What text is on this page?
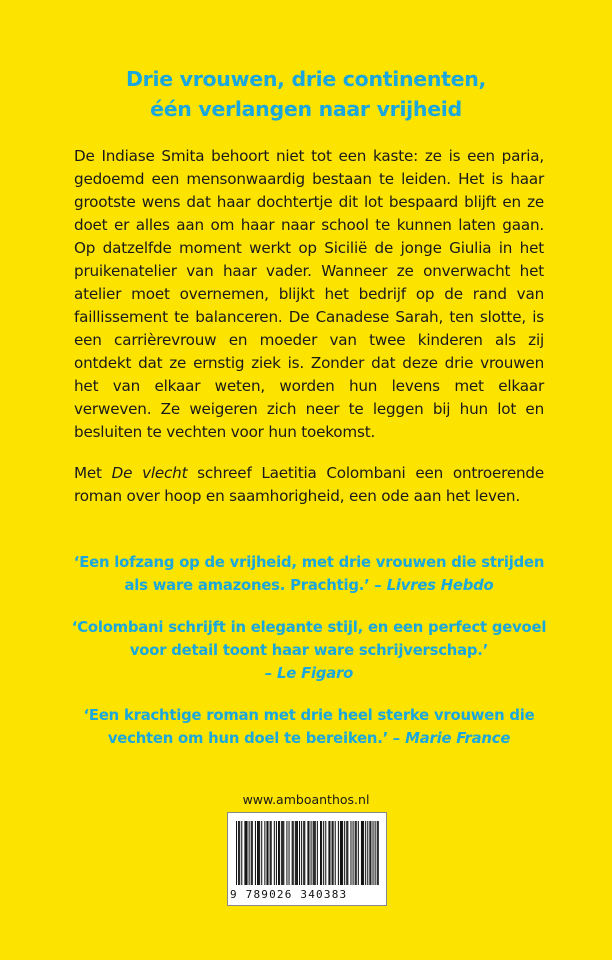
Drie vrouwen, drie continenten,
één verlangen naar vrijheid

De Indiase Smita behoort niet tot een kaste: ze is een paria, gedoemd een mensonwaardig bestaan te leiden. Het is haar grootste wens dat haar dochtertje dit lot bespaard blijft en ze doet er alles aan om haar naar school te kunnen laten gaan. Op datzelfde moment werkt op Sicilië de jonge Giulia in het pruikenatelier van haar vader. Wanneer ze onverwacht het atelier moet overnemen, blijkt het bedrijf op de rand van faillissement te balanceren. De Canadese Sarah, ten slotte, is een carrièrevrouw en moeder van twee kinderen als zij ontdekt dat ze ernstig ziek is. Zonder dat deze drie vrouwen het van elkaar weten, worden hun levens met elkaar verweven. Ze weigeren zich neer te leggen bij hun lot en besluiten te vechten voor hun toekomst.

Met De vlecht schreef Laetitia Colombani een ontroerende roman over hoop en saamhorigheid, een ode aan het leven.

‘Een lofzang op de vrijheid, met drie vrouwen die strijden als ware amazones. Prachtig.’ – Livres Hebdo
‘Colombani schrijft in elegante stijl, en een perfect gevoel voor detail toont haar ware schrijverschap.’
– Le Figaro
‘Een krachtige roman met drie heel sterke vrouwen die vechten om hun doel te bereiken.’ – Marie France
www.amboanthos.nl
9 789026 340383
